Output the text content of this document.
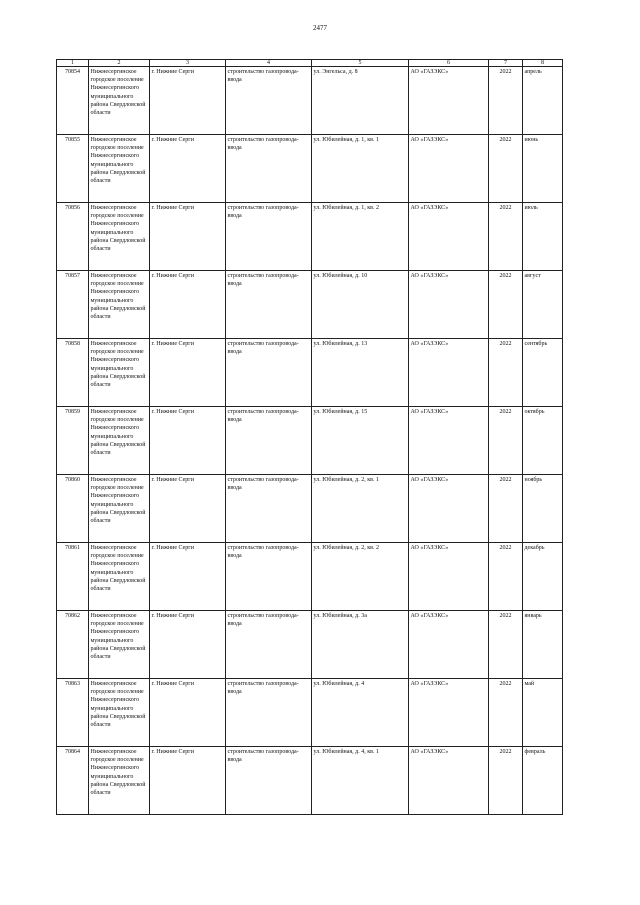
2477
1	2	3	4	5	6	7	8
70854	Нижнесергинское городское поселение Нижнесергинского муниципального района Свердловской области	г. Нижние Серги	строительство газопровода-ввода	ул. Энгельса, д. 8	АО «ГАЗЭКС»	2022	апрель
70855	Нижнесергинское городское поселение Нижнесергинского муниципального района Свердловской области	г. Нижние Серги	строительство газопровода-ввода	ул. Юбилейная, д. 1, кв. 1	АО «ГАЗЭКС»	2022	июнь
70856	Нижнесергинское городское поселение Нижнесергинского муниципального района Свердловской области	г. Нижние Серги	строительство газопровода-ввода	ул. Юбилейная, д. 1, кв. 2	АО «ГАЗЭКС»	2022	июль
70857	Нижнесергинское городское поселение Нижнесергинского муниципального района Свердловской области	г. Нижние Серги	строительство газопровода-ввода	ул. Юбилейная, д. 10	АО «ГАЗЭКС»	2022	август
70858	Нижнесергинское городское поселение Нижнесергинского муниципального района Свердловской области	г. Нижние Серги	строительство газопровода-ввода	ул. Юбилейная, д. 13	АО «ГАЗЭКС»	2022	сентябрь
70859	Нижнесергинское городское поселение Нижнесергинского муниципального района Свердловской области	г. Нижние Серги	строительство газопровода-ввода	ул. Юбилейная, д. 15	АО «ГАЗЭКС»	2022	октябрь
70860	Нижнесергинское городское поселение Нижнесергинского муниципального района Свердловской области	г. Нижние Серги	строительство газопровода-ввода	ул. Юбилейная, д. 2, кв. 1	АО «ГАЗЭКС»	2022	ноябрь
70861	Нижнесергинское городское поселение Нижнесергинского муниципального района Свердловской области	г. Нижние Серги	строительство газопровода-ввода	ул. Юбилейная, д. 2, кв. 2	АО «ГАЗЭКС»	2022	декабрь
70862	Нижнесергинское городское поселение Нижнесергинского муниципального района Свердловской области	г. Нижние Серги	строительство газопровода-ввода	ул. Юбилейная, д. 3а	АО «ГАЗЭКС»	2022	январь
70863	Нижнесергинское городское поселение Нижнесергинского муниципального района Свердловской области	г. Нижние Серги	строительство газопровода-ввода	ул. Юбилейная, д. 4	АО «ГАЗЭКС»	2022	май
70864	Нижнесергинское городское поселение Нижнесергинского муниципального района Свердловской области	г. Нижние Серги	строительство газопровода-ввода	ул. Юбилейная, д. 4, кв. 1	АО «ГАЗЭКС»	2022	февраль
